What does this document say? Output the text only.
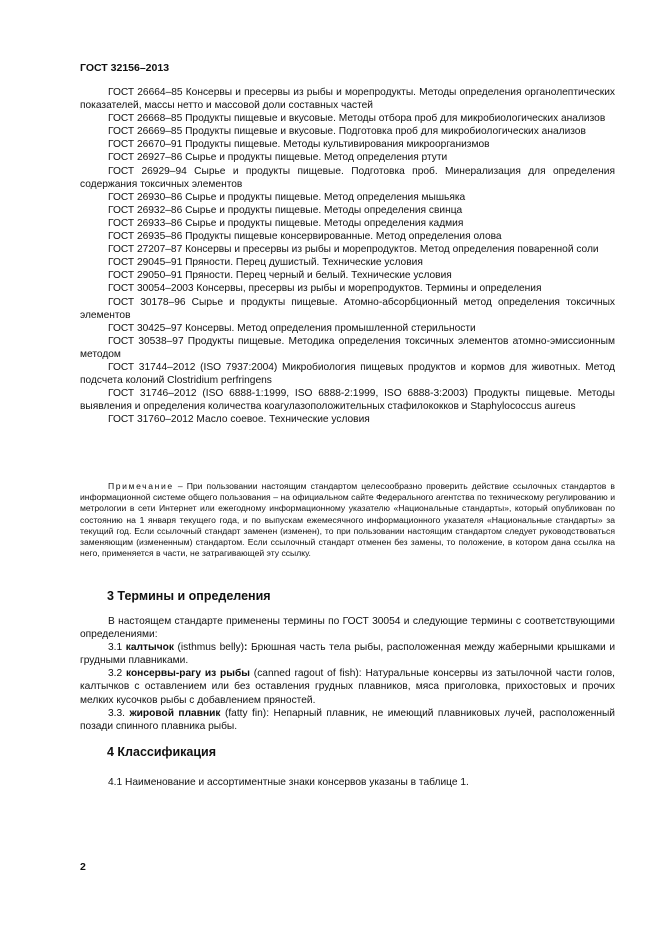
ГОСТ 32156–2013

ГОСТ 26664–85 Консервы и пресервы из рыбы и морепродукты. Методы определения органолептических показателей, массы нетто и массовой доли составных частей

ГОСТ 26668–85 Продукты пищевые и вкусовые. Методы отбора проб для микробиологических анализов

ГОСТ 26669–85 Продукты пищевые и вкусовые. Подготовка проб для микробиологических анализов

ГОСТ 26670–91 Продукты пищевые. Методы культивирования микроорганизмов

ГОСТ 26927–86 Сырье и продукты пищевые. Метод определения ртути

ГОСТ 26929–94 Сырье и продукты пищевые. Подготовка проб. Минерализация для определения содержания токсичных элементов

ГОСТ 26930–86 Сырье и продукты пищевые. Метод определения мышьяка

ГОСТ 26932–86 Сырье и продукты пищевые. Методы определения свинца

ГОСТ 26933–86 Сырье и продукты пищевые. Методы определения кадмия

ГОСТ 26935–86 Продукты пищевые консервированные. Метод определения олова

ГОСТ 27207–87 Консервы и пресервы из рыбы и морепродуктов. Метод определения поваренной соли

ГОСТ 29045–91 Пряности. Перец душистый. Технические условия

ГОСТ 29050–91 Пряности. Перец черный и белый. Технические условия

ГОСТ 30054–2003 Консервы, пресервы из рыбы и морепродуктов. Термины и определения

ГОСТ 30178–96 Сырье и продукты пищевые. Атомно-абсорбционный метод определения токсичных элементов

ГОСТ 30425–97 Консервы. Метод определения промышленной стерильности

ГОСТ 30538–97 Продукты пищевые. Методика определения токсичных элементов атомно-эмиссионным методом

ГОСТ 31744–2012 (ISO 7937:2004) Микробиология пищевых продуктов и кормов для животных. Метод подсчета колоний Clostridium perfringens

ГОСТ 31746–2012 (ISO 6888-1:1999, ISO 6888-2:1999, ISO 6888-3:2003) Продукты пищевые. Методы выявления и определения количества коагулазоположительных стафилококков и Staphylococcus aureus

ГОСТ 31760–2012 Масло соевое. Технические условия

Примечание – При пользовании настоящим стандартом целесообразно проверить действие ссылочных стандартов в информационной системе общего пользования – на официальном сайте Федерального агентства по техническому регулированию и метрологии в сети Интернет или ежегодному информационному указателю «Национальные стандарты», который опубликован по состоянию на 1 января текущего года, и по выпускам ежемесячного информационного указателя «Национальные стандарты» за текущий год. Если ссылочный стандарт заменен (изменен), то при пользовании настоящим стандартом следует руководствоваться заменяющим (измененным) стандартом. Если ссылочный стандарт отменен без замены, то положение, в котором дана ссылка на него, применяется в части, не затрагивающей эту ссылку.

3 Термины и определения

В настоящем стандарте применены термины по ГОСТ 30054 и следующие термины с соответствующими определениями:

3.1 калтычок (isthmus belly): Брюшная часть тела рыбы, расположенная между жаберными крышками и грудными плавниками.

3.2 консервы-рагу из рыбы (canned ragout of fish): Натуральные консервы из затылочной части голов, калтычков с оставлением или без оставления грудных плавников, мяса приголовка, прихостовых и прочих мелких кусочков рыбы с добавлением пряностей.

3.3. жировой плавник (fatty fin): Непарный плавник, не имеющий плавниковых лучей, расположенный позади спинного плавника рыбы.

4 Классификация

4.1 Наименование и ассортиментные знаки консервов указаны в таблице 1.

2
